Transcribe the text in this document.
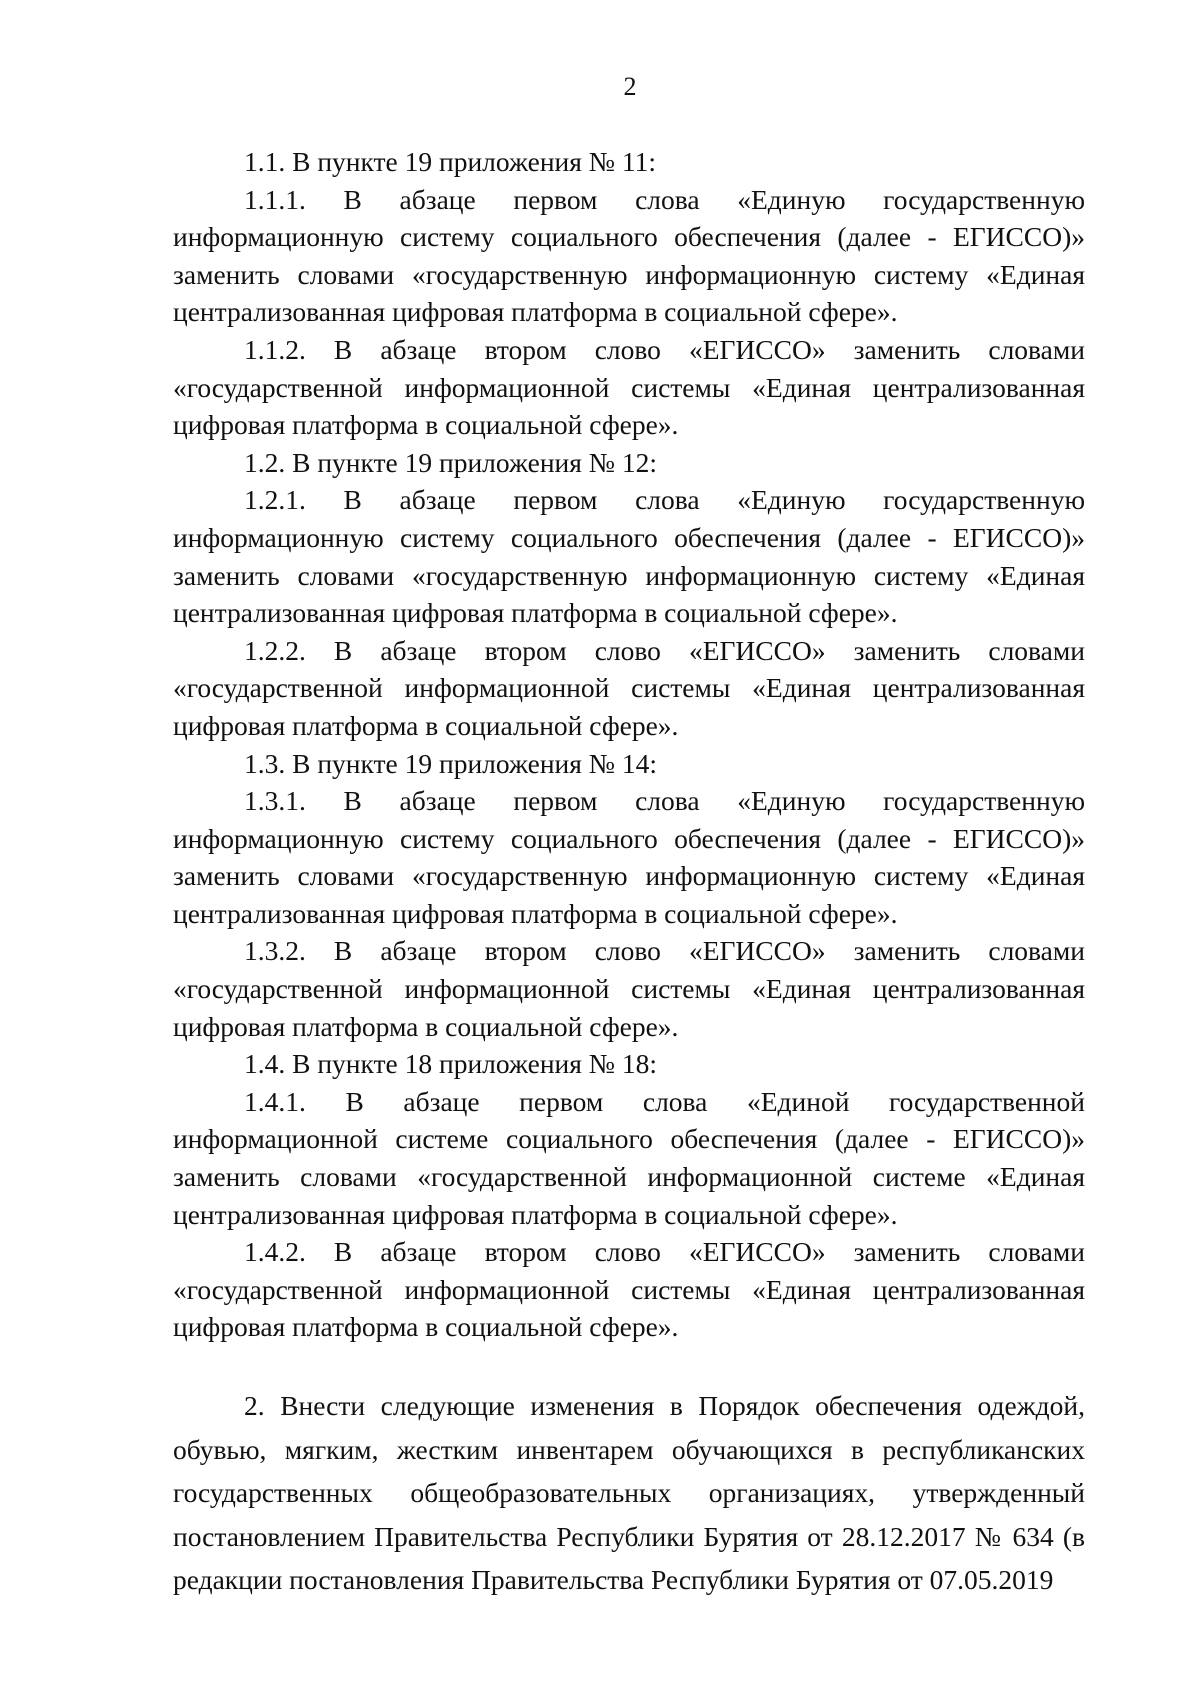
2

1.1. В пункте 19 приложения № 11:

1.1.1. В абзаце первом слова «Единую государственную информационную систему социального обеспечения (далее - ЕГИССО)» заменить словами «государственную информационную систему «Единая централизованная цифровая платформа в социальной сфере».

1.1.2. В абзаце втором слово «ЕГИССО» заменить словами «государственной информационной системы «Единая централизованная цифровая платформа в социальной сфере».

1.2. В пункте 19 приложения № 12:

1.2.1. В абзаце первом слова «Единую государственную информационную систему социального обеспечения (далее - ЕГИССО)» заменить словами «государственную информационную систему «Единая централизованная цифровая платформа в социальной сфере».

1.2.2. В абзаце втором слово «ЕГИССО» заменить словами «государственной информационной системы «Единая централизованная цифровая платформа в социальной сфере».

1.3. В пункте 19 приложения № 14:

1.3.1. В абзаце первом слова «Единую государственную информационную систему социального обеспечения (далее - ЕГИССО)» заменить словами «государственную информационную систему «Единая централизованная цифровая платформа в социальной сфере».

1.3.2. В абзаце втором слово «ЕГИССО» заменить словами «государственной информационной системы «Единая централизованная цифровая платформа в социальной сфере».

1.4. В пункте 18 приложения № 18:

1.4.1. В абзаце первом слова «Единой государственной информационной системе социального обеспечения (далее - ЕГИССО)» заменить словами «государственной информационной системе «Единая централизованная цифровая платформа в социальной сфере».

1.4.2. В абзаце втором слово «ЕГИССО» заменить словами «государственной информационной системы «Единая централизованная цифровая платформа в социальной сфере».

2. Внести следующие изменения в Порядок обеспечения одеждой, обувью, мягким, жестким инвентарем обучающихся в республиканских государственных общеобразовательных организациях, утвержденный постановлением Правительства Республики Бурятия от 28.12.2017 № 634 (в редакции постановления Правительства Республики Бурятия от 07.05.2019
